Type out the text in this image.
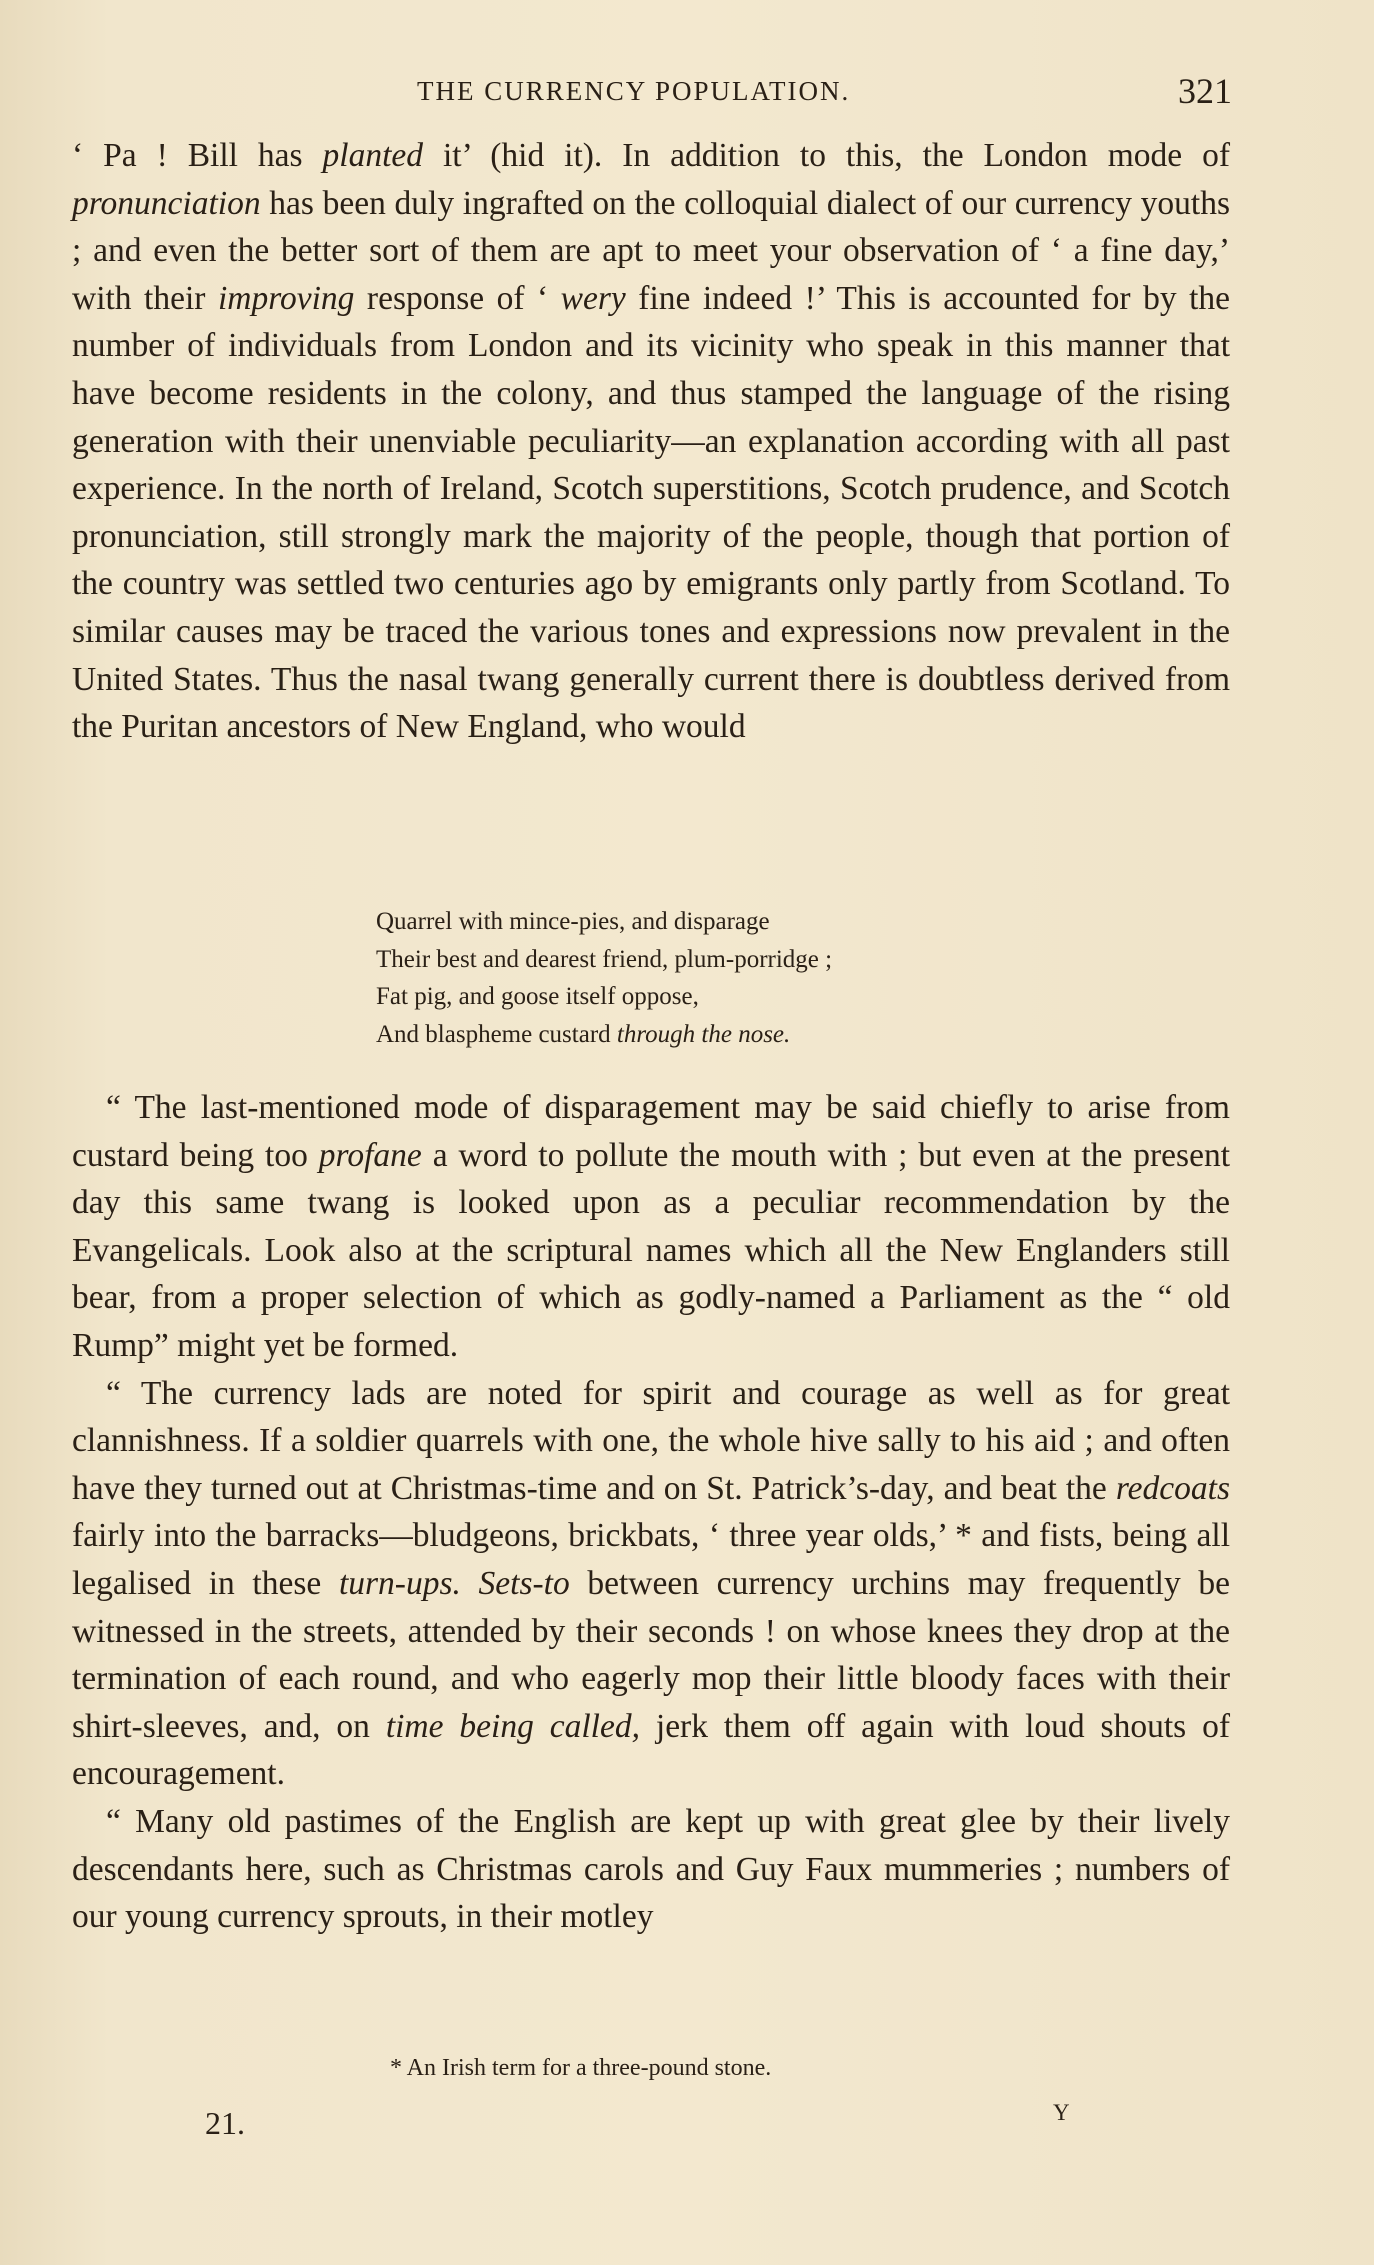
THE CURRENCY POPULATION.	321

‘ Pa ! Bill has planted it’ (hid it). In addition to this, the London mode of pronunciation has been duly ingrafted on the colloquial dialect of our currency youths ; and even the better sort of them are apt to meet your observation of ‘ a fine day,’ with their improving response of ‘ wery fine indeed !’ This is accounted for by the number of individuals from London and its vicinity who speak in this manner that have become residents in the colony, and thus stamped the language of the rising generation with their unenviable peculiarity—an explanation according with all past experience. In the north of Ireland, Scotch superstitions, Scotch prudence, and Scotch pronunciation, still strongly mark the majority of the people, though that portion of the country was settled two centuries ago by emigrants only partly from Scotland. To similar causes may be traced the various tones and expressions now prevalent in the United States. Thus the nasal twang generally current there is doubtless derived from the Puritan ancestors of New England, who would

Quarrel with mince-pies, and disparage
Their best and dearest friend, plum-porridge ;
Fat pig, and goose itself oppose,
And blaspheme custard through the nose.

“ The last-mentioned mode of disparagement may be said chiefly to arise from custard being too profane a word to pollute the mouth with ; but even at the present day this same twang is looked upon as a peculiar recommendation by the Evangelicals. Look also at the scriptural names which all the New Englanders still bear, from a proper selection of which as godly-named a Parliament as the “ old Rump” might yet be formed.

“ The currency lads are noted for spirit and courage as well as for great clannishness. If a soldier quarrels with one, the whole hive sally to his aid ; and often have they turned out at Christmas-time and on St. Patrick’s-day, and beat the redcoats fairly into the barracks—bludgeons, brickbats, ‘ three year olds,’ * and fists, being all legalised in these turn-ups. Sets-to between currency urchins may frequently be witnessed in the streets, attended by their seconds ! on whose knees they drop at the termination of each round, and who eagerly mop their little bloody faces with their shirt-sleeves, and, on time being called, jerk them off again with loud shouts of encouragement.

“ Many old pastimes of the English are kept up with great glee by their lively descendants here, such as Christmas carols and Guy Faux mummeries ; numbers of our young currency sprouts, in their motley

* An Irish term for a three-pound stone.
21.	Y
